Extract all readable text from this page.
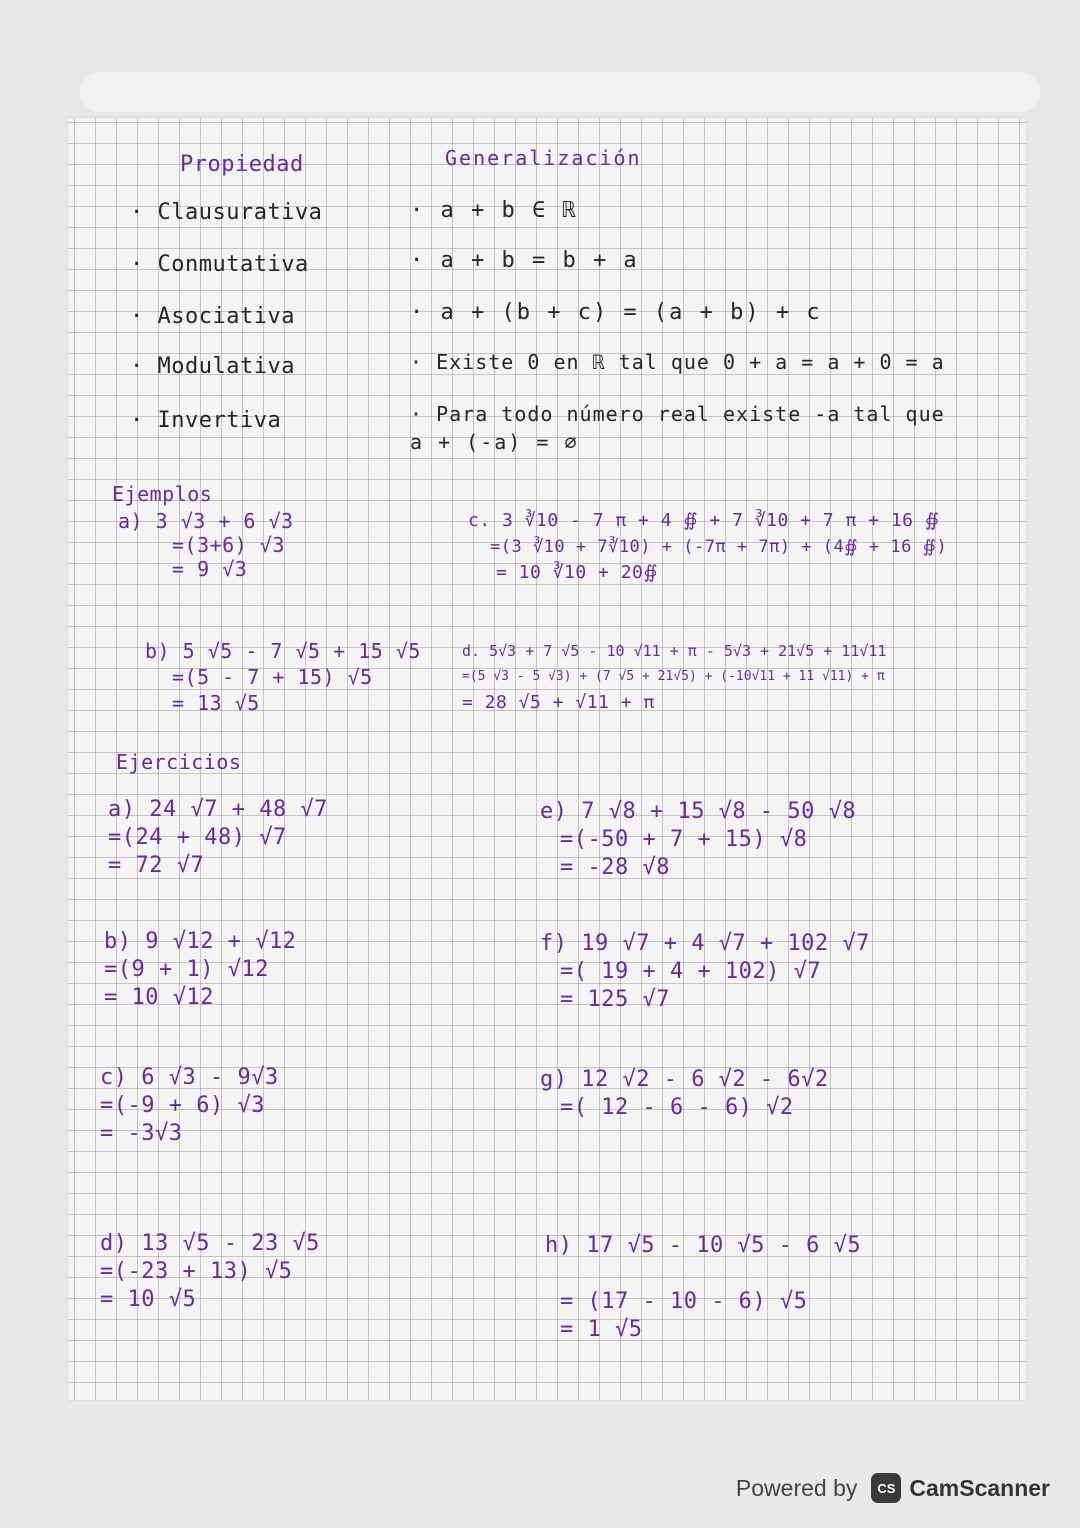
Propiedad	Generalización
· Clausurativa	· a + b ∈ ℝ
· Conmutativa	· a + b = b + a
· Asociativa	· a + (b + c) = (a + b) + c
· Modulativa	· Existe 0 en ℝ tal que 0 + a = a + 0 = a
· Invertiva	· Para todo número real existe -a tal que
a + (-a) = ∅
Ejemplos
a) 3 √3 + 6 √3
=(3+6) √3
= 9 √3
c. 3 ∛10 - 7 π + 4 ∯ + 7 ∛10 + 7 π + 16 ∯
=(3 ∛10 + 7∛10) + (-7π + 7π) + (4∯ + 16 ∯)
= 10 ∛10 + 20∯
b) 5 √5 - 7 √5 + 15 √5
=(5 - 7 + 15) √5
= 13 √5
d. 5√3 + 7 √5 - 10 √11 + π - 5√3 + 21√5 + 11√11
=(5 √3 - 5 √3) + (7 √5 + 21√5) + (-10√11 + 11 √11) + π
= 28 √5 + √11 + π
Ejercicios
a) 24 √7 + 48 √7
=(24 + 48) √7
= 72 √7
e) 7 √8 + 15 √8 - 50 √8
=(-50 + 7 + 15) √8
= -28 √8
b) 9 √12 + √12
=(9 + 1) √12
= 10 √12
f) 19 √7 + 4 √7 + 102 √7
=( 19 + 4 + 102) √7
= 125 √7
c) 6 √3 - 9√3
=(-9 + 6) √3
= -3√3
g) 12 √2 - 6 √2 - 6√2
=( 12 - 6 - 6) √2
d) 13 √5 - 23 √5
=(-23 + 13) √5
= 10 √5
h) 17 √5 - 10 √5 - 6 √5
= (17 - 10 - 6) √5
= 1 √5
Powered by	CS CamScanner
